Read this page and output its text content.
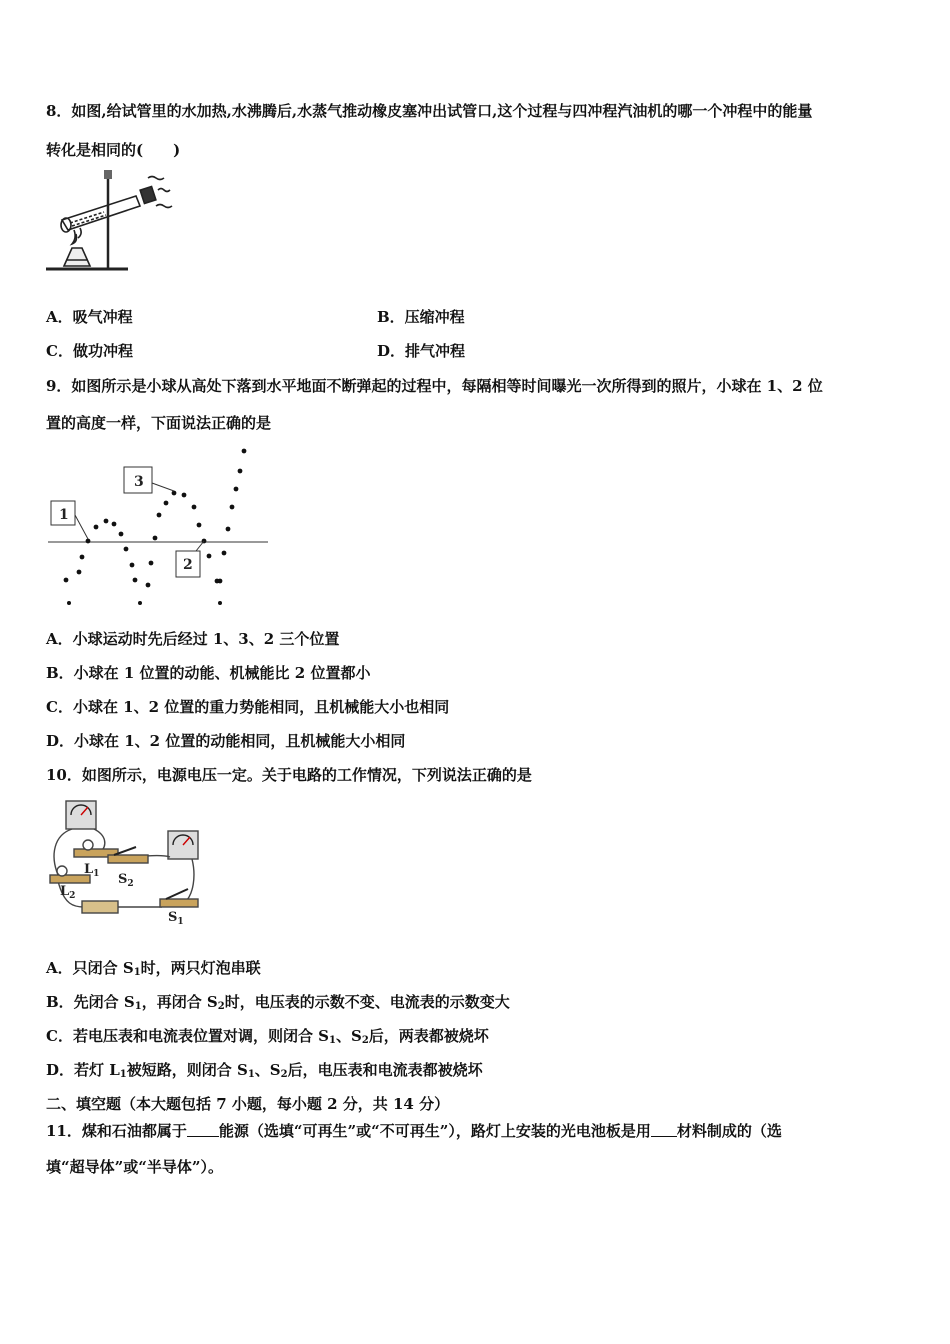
8．如图,给试管里的水加热,水沸腾后,水蒸气推动橡皮塞冲出试管口,这个过程与四冲程汽油机的哪一个冲程中的能量
转化是相同的(　　)
A．吸气冲程	B．压缩冲程
C．做功冲程	D．排气冲程
9．如图所示是小球从高处下落到水平地面不断弹起的过程中，每隔相等时间曝光一次所得到的照片，小球在 1、2 位
置的高度一样，下面说法正确的是
1
2
3
A．小球运动时先后经过 1、3、2 三个位置
B．小球在 1 位置的动能、机械能比 2 位置都小
C．小球在 1、2 位置的重力势能相同，且机械能大小也相同
D．小球在 1、2 位置的动能相同，且机械能大小相同
10．如图所示，电源电压一定。关于电路的工作情况，下列说法正确的是
$L_1$
$L_2$
$S_2$
$S_1$
A．只闭合 $S_1$时，两只灯泡串联
B．先闭合 $S_1$，再闭合 $S_2$时，电压表的示数不变、电流表的示数变大
C．若电压表和电流表位置对调，则闭合 $S_1$、$S_2$后，两表都被烧坏
D．若灯 $L_1$被短路，则闭合 $S_1$、$S_2$后，电压表和电流表都被烧坏
二、填空题（本大题包括 7 小题，每小题 2 分，共 14 分）
11．煤和石油都属于 能源（选填“可再生”或“不可再生”），路灯上安装的光电池板是用 材料制成的（选
填“超导体”或“半导体”）。
